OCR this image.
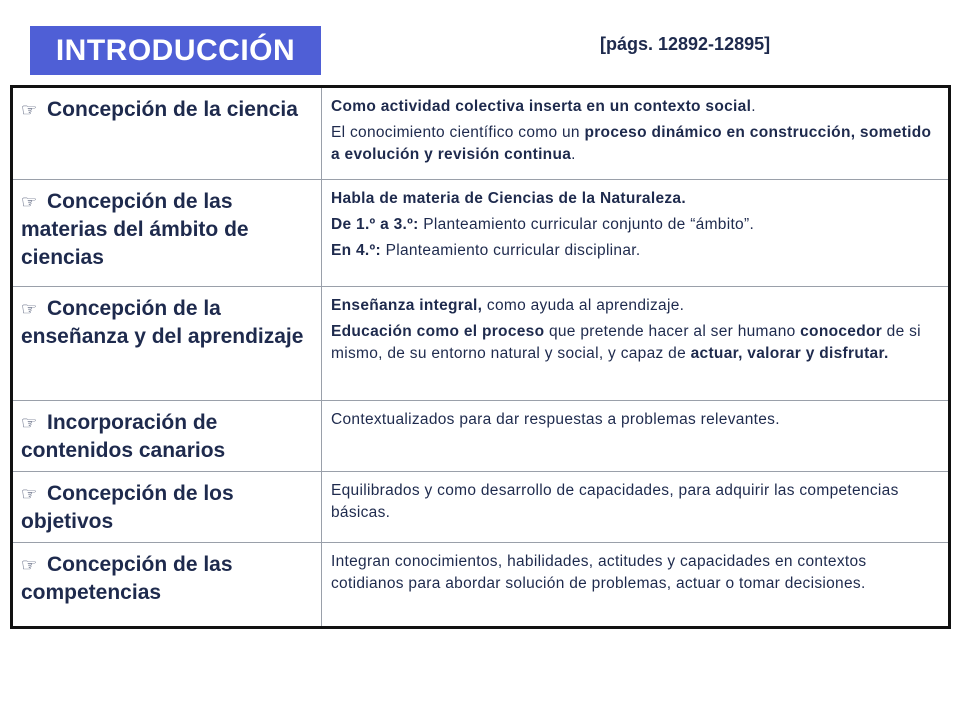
INTRODUCCIÓN	[págs. 12892-12895]
☞ Concepción de la ciencia	Como actividad colectiva inserta en un contexto social.
El conocimiento científico como un proceso dinámico en construcción, sometido a evolución y revisión continua.

☞ Concepción de las materias del ámbito de ciencias	Habla de materia de Ciencias de la Naturaleza.
De 1.º a 3.º: Planteamiento curricular conjunto de “ámbito”.
En 4.º: Planteamiento curricular disciplinar.

☞ Concepción de la enseñanza y del aprendizaje	Enseñanza integral, como ayuda al aprendizaje.
Educación como el proceso que pretende hacer al ser humano conocedor de si mismo, de su entorno natural y social, y capaz de actuar, valorar y disfrutar.

☞ Incorporación de contenidos canarios	Contextualizados para dar respuestas a problemas relevantes.

☞ Concepción de los objetivos	Equilibrados y como desarrollo de capacidades, para adquirir las competencias básicas.

☞ Concepción de las competencias	Integran conocimientos, habilidades, actitudes y capacidades en contextos cotidianos para abordar solución de problemas, actuar o tomar decisiones.
